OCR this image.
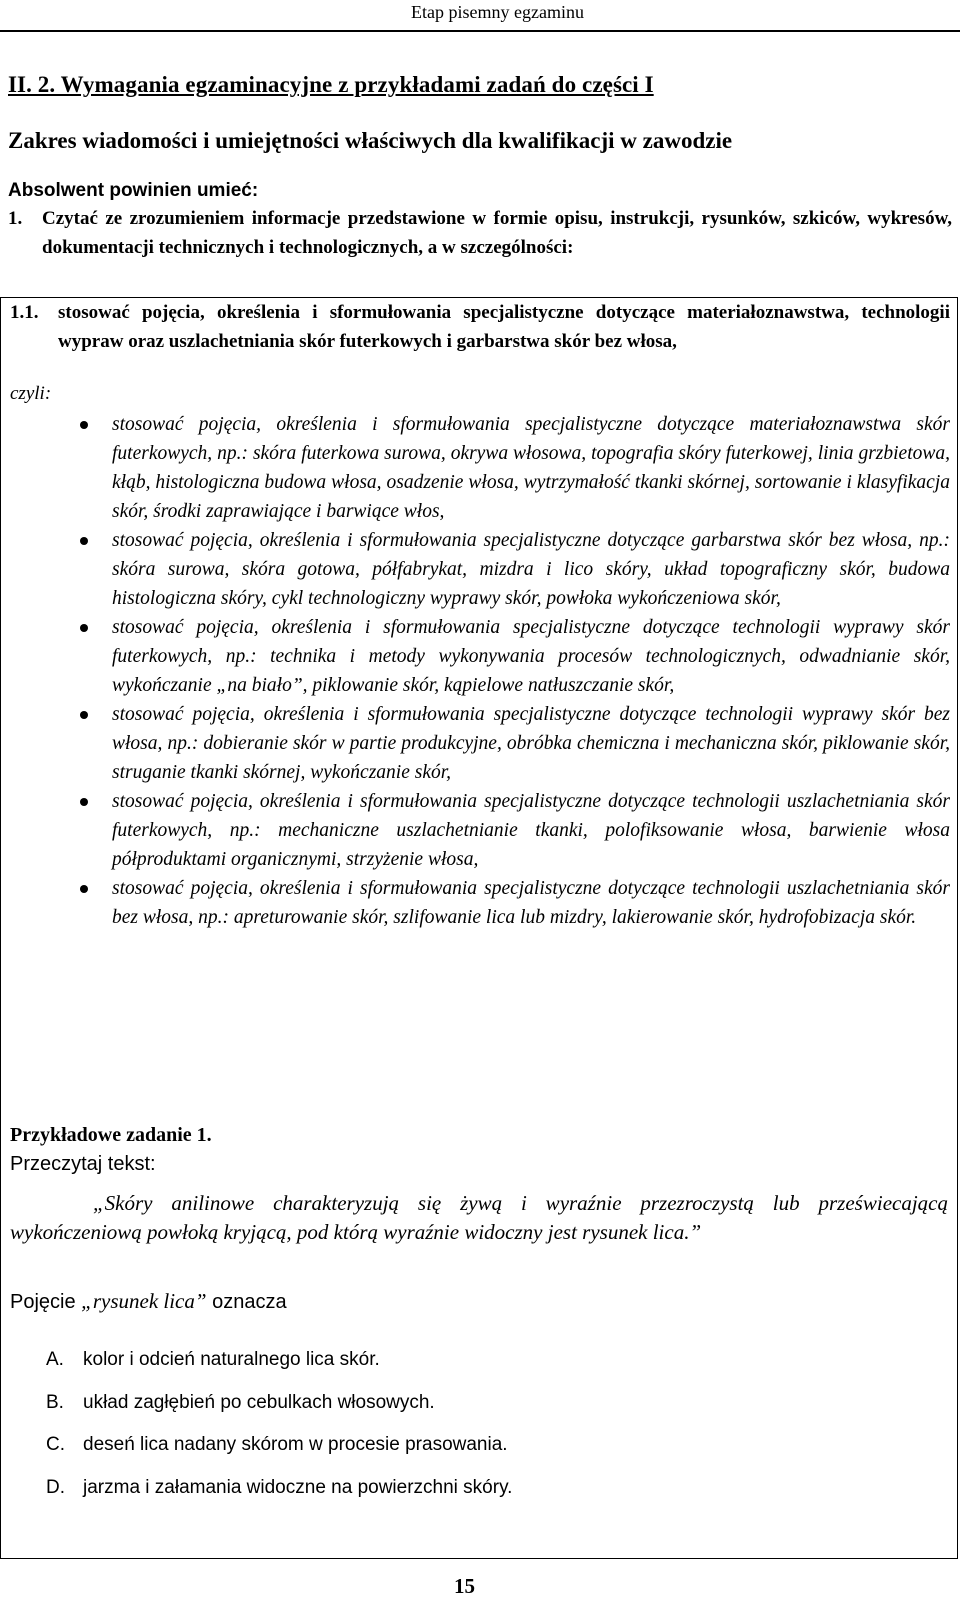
Etap pisemny egzaminu
II. 2. Wymagania egzaminacyjne z przykładami zadań do części I
Zakres wiadomości i umiejętności właściwych dla kwalifikacji w zawodzie
Absolwent powinien umieć:
1. Czytać ze zrozumieniem informacje przedstawione w formie opisu, instrukcji, rysunków, szkiców, wykresów, dokumentacji technicznych i technologicznych, a w szczególności:
1.1. stosować pojęcia, określenia i sformułowania specjalistyczne dotyczące materiałoznawstwa, technologii wypraw oraz uszlachetniania skór futerkowych i garbarstwa skór bez włosa,
czyli:
stosować pojęcia, określenia i sformułowania specjalistyczne dotyczące materiałoznawstwa skór futerkowych, np.: skóra futerkowa surowa, okrywa włosowa, topografia skóry futerkowej, linia grzbietowa, kłąb, histologiczna budowa włosa, osadzenie włosa, wytrzymałość tkanki skórnej, sortowanie i klasyfikacja skór, środki zaprawiające i barwiące włos,
stosować pojęcia, określenia i sformułowania specjalistyczne dotyczące garbarstwa skór bez włosa, np.: skóra surowa, skóra gotowa, półfabrykat, mizdra i lico skóry, układ topograficzny skór, budowa histologiczna skóry, cykl technologiczny wyprawy skór, powłoka wykończeniowa skór,
stosować pojęcia, określenia i sformułowania specjalistyczne dotyczące technologii wyprawy skór futerkowych, np.: technika i metody wykonywania procesów technologicznych, odwadnianie skór, wykończanie „na biało”, piklowanie skór, kąpielowe natłuszczanie skór,
stosować pojęcia, określenia i sformułowania specjalistyczne dotyczące technologii wyprawy skór bez włosa, np.: dobieranie skór w partie produkcyjne, obróbka chemiczna i mechaniczna skór, piklowanie skór, struganie tkanki skórnej, wykończanie skór,
stosować pojęcia, określenia i sformułowania specjalistyczne dotyczące technologii uszlachetniania skór futerkowych, np.: mechaniczne uszlachetnianie tkanki, polofiksowanie włosa, barwienie włosa półproduktami organicznymi, strzyżenie włosa,
stosować pojęcia, określenia i sformułowania specjalistyczne dotyczące technologii uszlachetniania skór bez włosa, np.: apreturowanie skór, szlifowanie lica lub mizdry, lakierowanie skór, hydrofobizacja skór.
Przykładowe zadanie 1.
Przeczytaj tekst:
„Skóry anilinowe charakteryzują się żywą i wyraźnie przezroczystą lub przeświecającą wykończeniową powłoką kryjącą, pod którą wyraźnie widoczny jest rysunek lica.”
Pojęcie „rysunek lica” oznacza
A. kolor i odcień naturalnego lica skór.
B. układ zagłębień po cebulkach włosowych.
C. deseń lica nadany skórom w procesie prasowania.
D. jarzma i załamania widoczne na powierzchni skóry.
15
